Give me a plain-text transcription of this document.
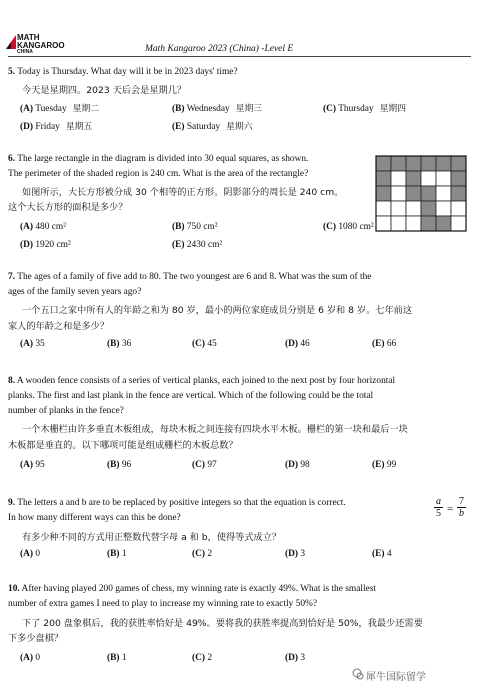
MATH
KANGAROO
CHINA	Math Kangaroo 2023 (China) -Level E
5. Today is Thursday. What day will it be in 2023 days' time?
今天是星期四。2023 天后会是星期几？
(A) Tuesday 星期二	(B) Wednesday 星期三	(C) Thursday 星期四
(D) Friday 星期五	(E) Saturday 星期六
6. The large rectangle in the diagram is divided into 30 equal squares, as shown.
The perimeter of the shaded region is 240 cm. What is the area of the rectangle?
如图所示，大长方形被分成 30 个相等的正方形。阴影部分的周长是 240 cm。
这个大长方形的面积是多少？
(A) 480 cm²	(B) 750 cm²	(C) 1080 cm²
(D) 1920 cm²	(E) 2430 cm²
7. The ages of a family of five add to 80. The two youngest are 6 and 8. What was the sum of the
ages of the family seven years ago?
一个五口之家中所有人的年龄之和为 80 岁，最小的两位家庭成员分别是 6 岁和 8 岁。七年前这
家人的年龄之和是多少？
(A) 35	(B) 36	(C) 45	(D) 46	(E) 66
8. A wooden fence consists of a series of vertical planks, each joined to the next post by four horizontal
planks. The first and last plank in the fence are vertical. Which of the following could be the total
number of planks in the fence?
一个木栅栏由许多垂直木板组成，每块木板之间连接有四块水平木板。栅栏的第一块和最后一块
木板都是垂直的。以下哪项可能是组成栅栏的木板总数？
(A) 95	(B) 96	(C) 97	(D) 98	(E) 99
9. The letters a and b are to be replaced by positive integers so that the equation is correct.
In how many different ways can this be done?
有多少种不同的方式用正整数代替字母 a 和 b，使得等式成立？
a
5 =
7
b
(A) 0	(B) 1	(C) 2	(D) 3	(E) 4
10. After having played 200 games of chess, my winning rate is exactly 49%. What is the smallest
number of extra games I need to play to increase my winning rate to exactly 50%?
下了 200 盘象棋后，我的获胜率恰好是 49%。要将我的获胜率提高到恰好是 50%，我最少还需要
下多少盘棋？
(A) 0	(B) 1	(C) 2	(D) 3
犀牛国际留学
